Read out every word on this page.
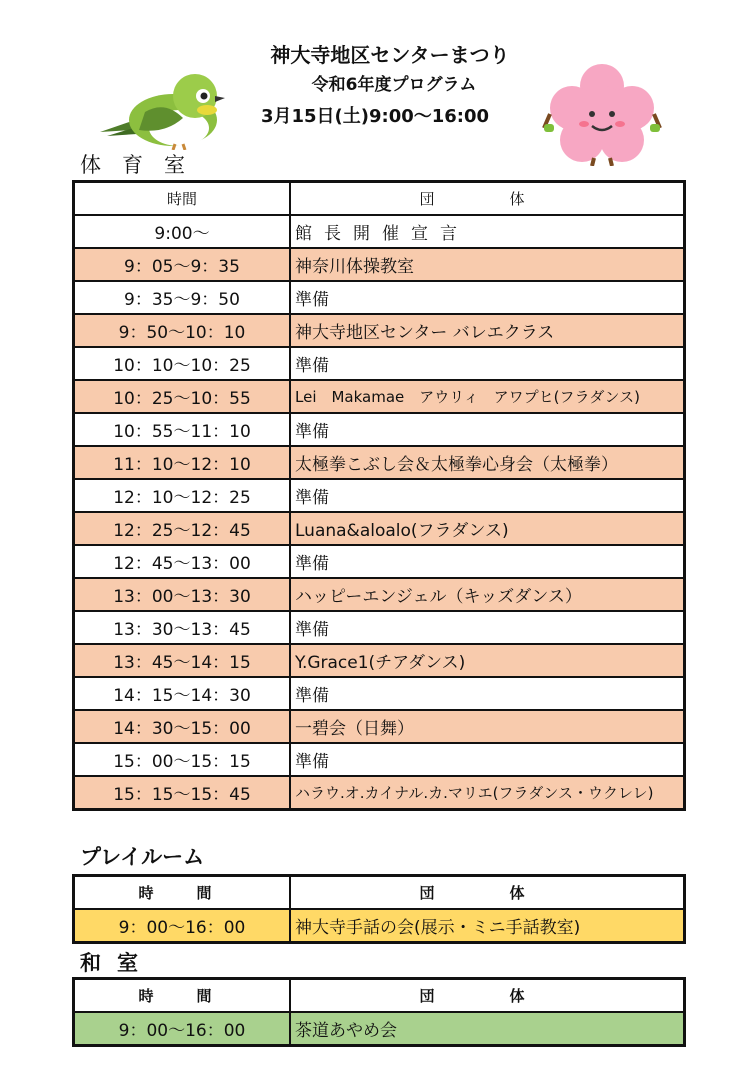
神大寺地区センターまつり
令和6年度プログラム
3月15日(土)9:00〜16:00
体育室
時間	団　体
9:00〜	館長開催宣言
9：05〜9：35	神奈川体操教室
9：35〜9：50	準備
9：50〜10：10	神大寺地区センター バレエクラス
10：10〜10：25	準備
10：25〜10：55	Lei　Makamae　アウリィ　アワプヒ(フラダンス)
10：55〜11：10	準備
11：10〜12：10	太極拳こぶし会＆太極拳心身会（太極拳）
12：10〜12：25	準備
12：25〜12：45	Luana&aloalo(フラダンス)
12：45〜13：00	準備
13：00〜13：30	ハッピーエンジェル（キッズダンス）
13：30〜13：45	準備
13：45〜14：15	Y.Grace1(チアダンス)
14：15〜14：30	準備
14：30〜15：00	一碧会（日舞）
15：00〜15：15	準備
15：15〜15：45	ハラウ.オ.カイナル.カ.マリエ(フラダンス・ウクレレ)
プレイルーム
時　間	団　体
9：00〜16：00	神大寺手話の会(展示・ミニ手話教室)
和室
時　間	団　体
9：00〜16：00	茶道あやめ会
